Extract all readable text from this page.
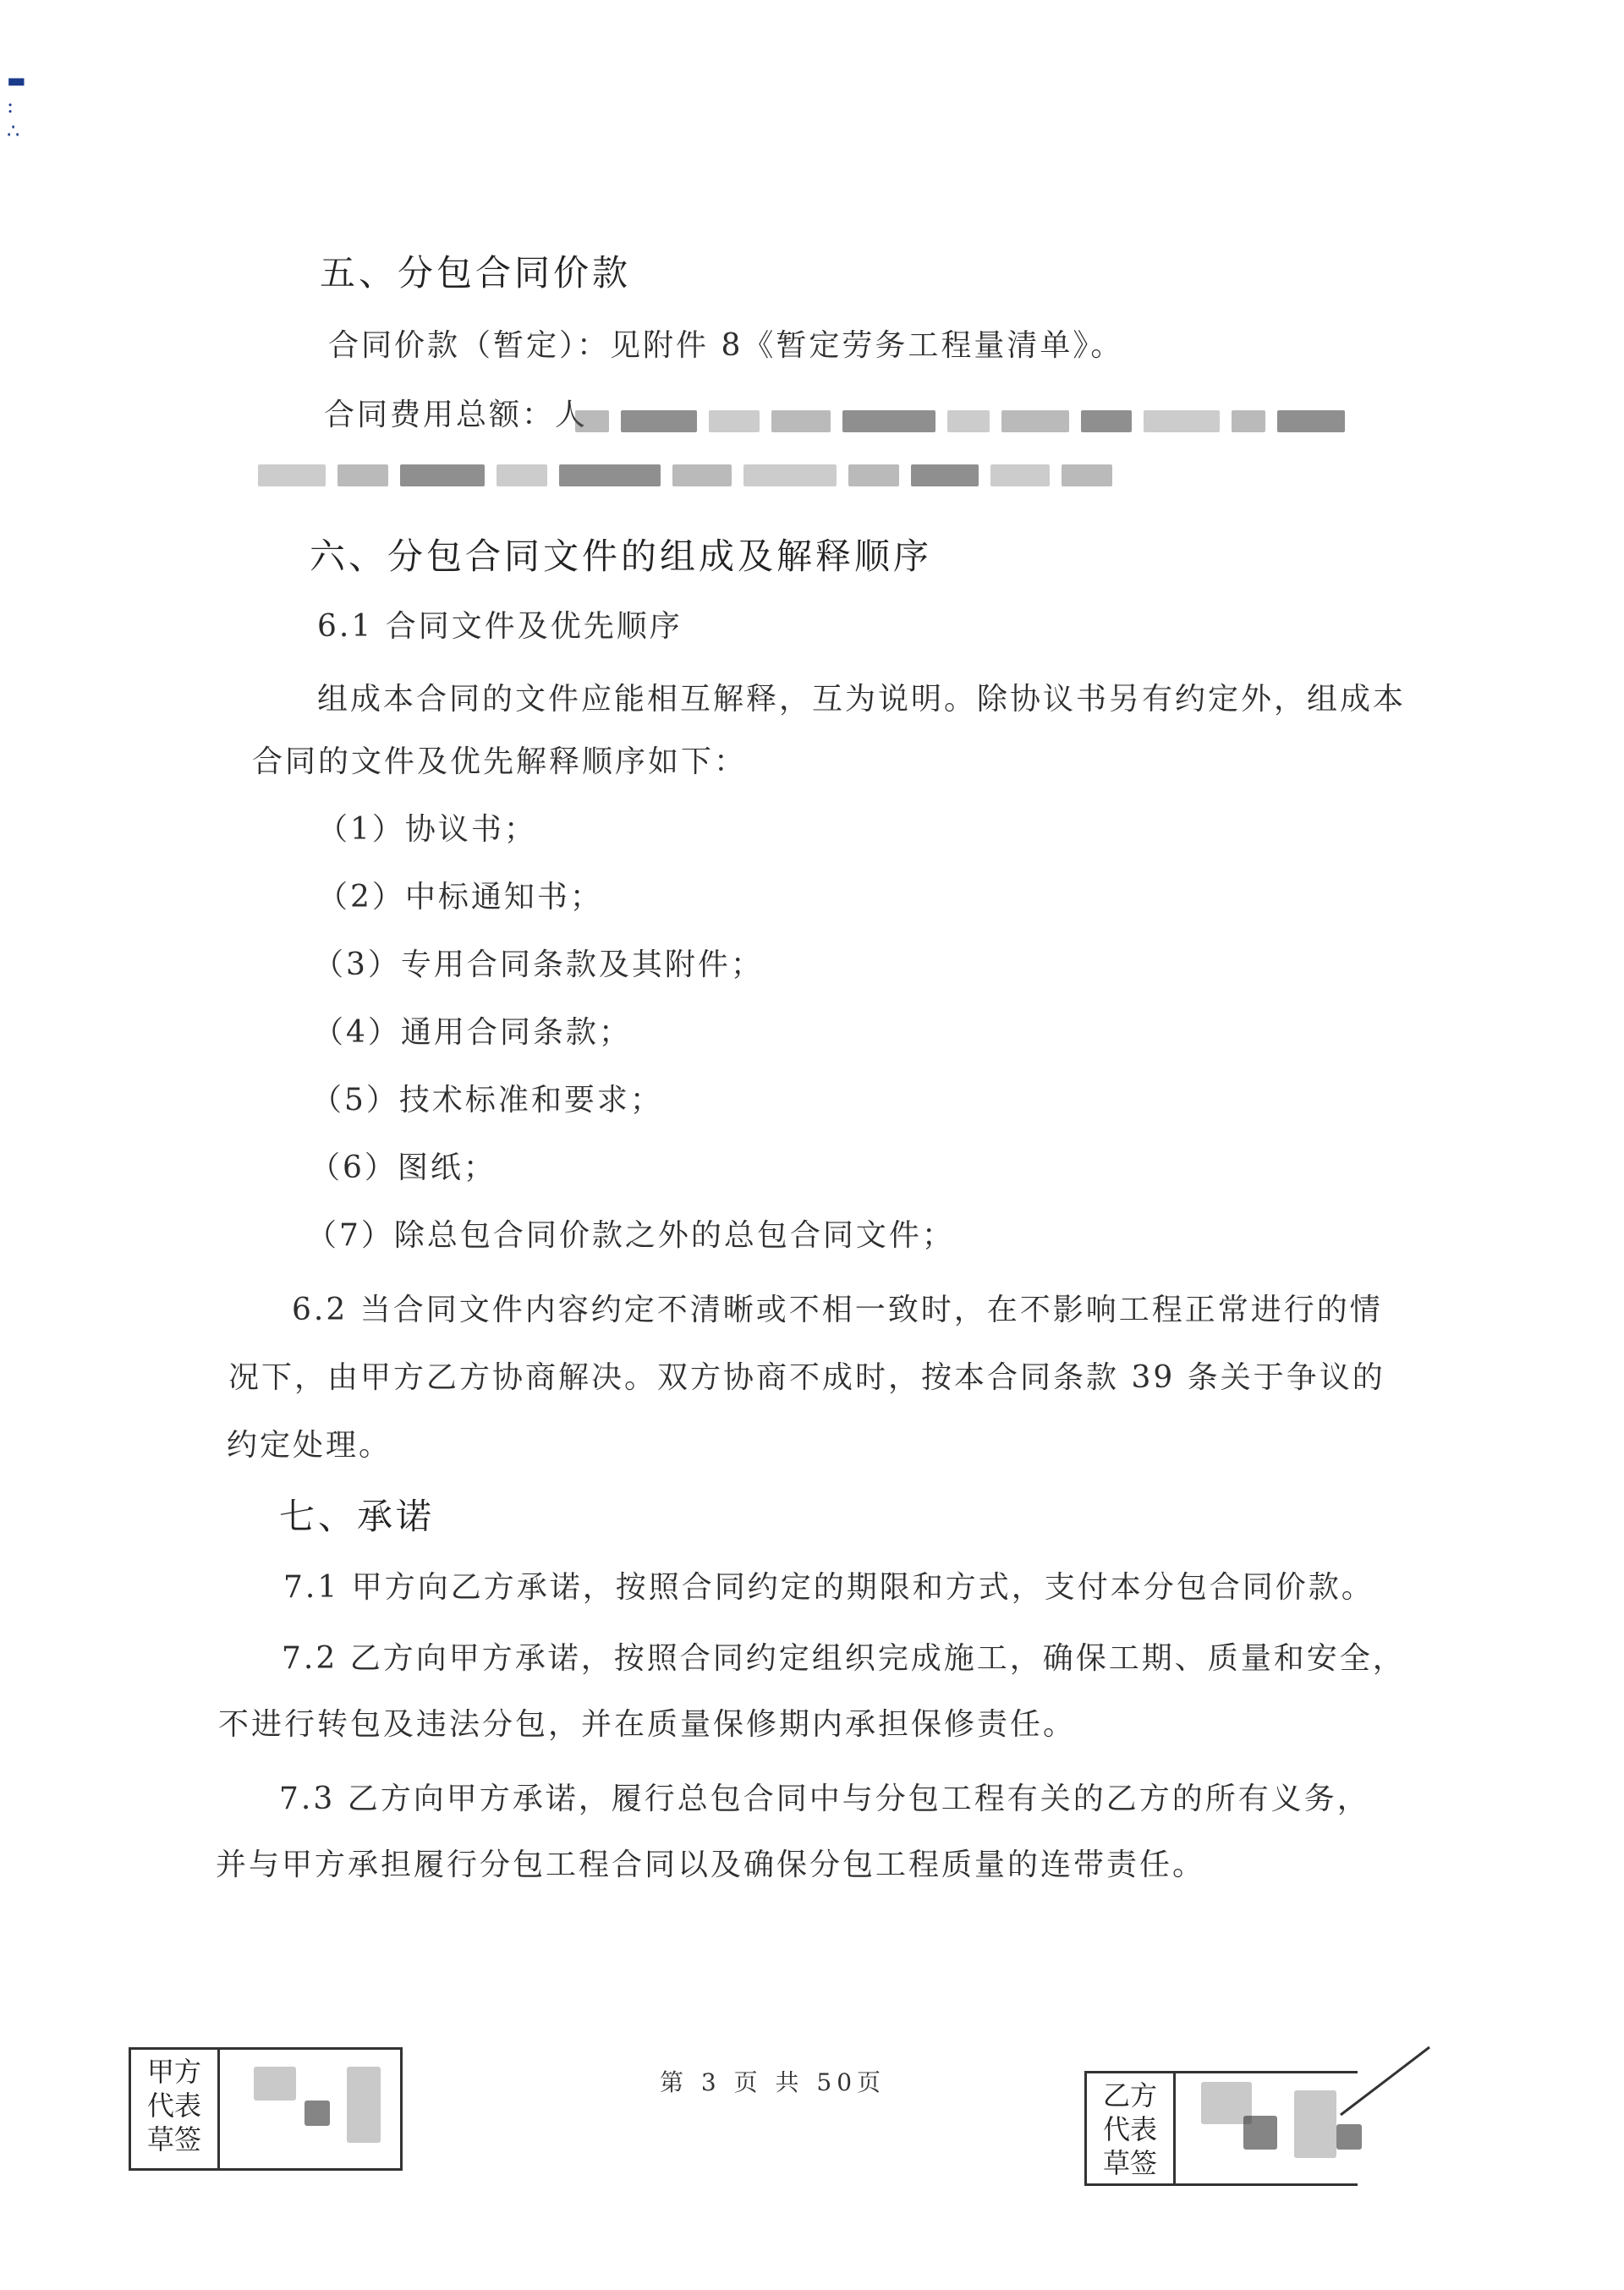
▬
:
∴
五、分包合同价款
合同价款（暂定）：见附件 8《暂定劳务工程量清单》。
合同费用总额：人
六、分包合同文件的组成及解释顺序
6.1 合同文件及优先顺序
组成本合同的文件应能相互解释，互为说明。除协议书另有约定外，组成本
合同的文件及优先解释顺序如下：
（1）协议书；
（2）中标通知书；
（3）专用合同条款及其附件；
（4）通用合同条款；
（5）技术标准和要求；
（6）图纸；
（7）除总包合同价款之外的总包合同文件；
6.2 当合同文件内容约定不清晰或不相一致时，在不影响工程正常进行的情
况下，由甲方乙方协商解决。双方协商不成时，按本合同条款 39 条关于争议的
约定处理。
七、承诺
7.1 甲方向乙方承诺，按照合同约定的期限和方式，支付本分包合同价款。
7.2 乙方向甲方承诺，按照合同约定组织完成施工，确保工期、质量和安全，
不进行转包及违法分包，并在质量保修期内承担保修责任。
7.3 乙方向甲方承诺，履行总包合同中与分包工程有关的乙方的所有义务，
并与甲方承担履行分包工程合同以及确保分包工程质量的连带责任。
甲方
代表
草签
第 3 页 共 50页	乙方
代表
草签
